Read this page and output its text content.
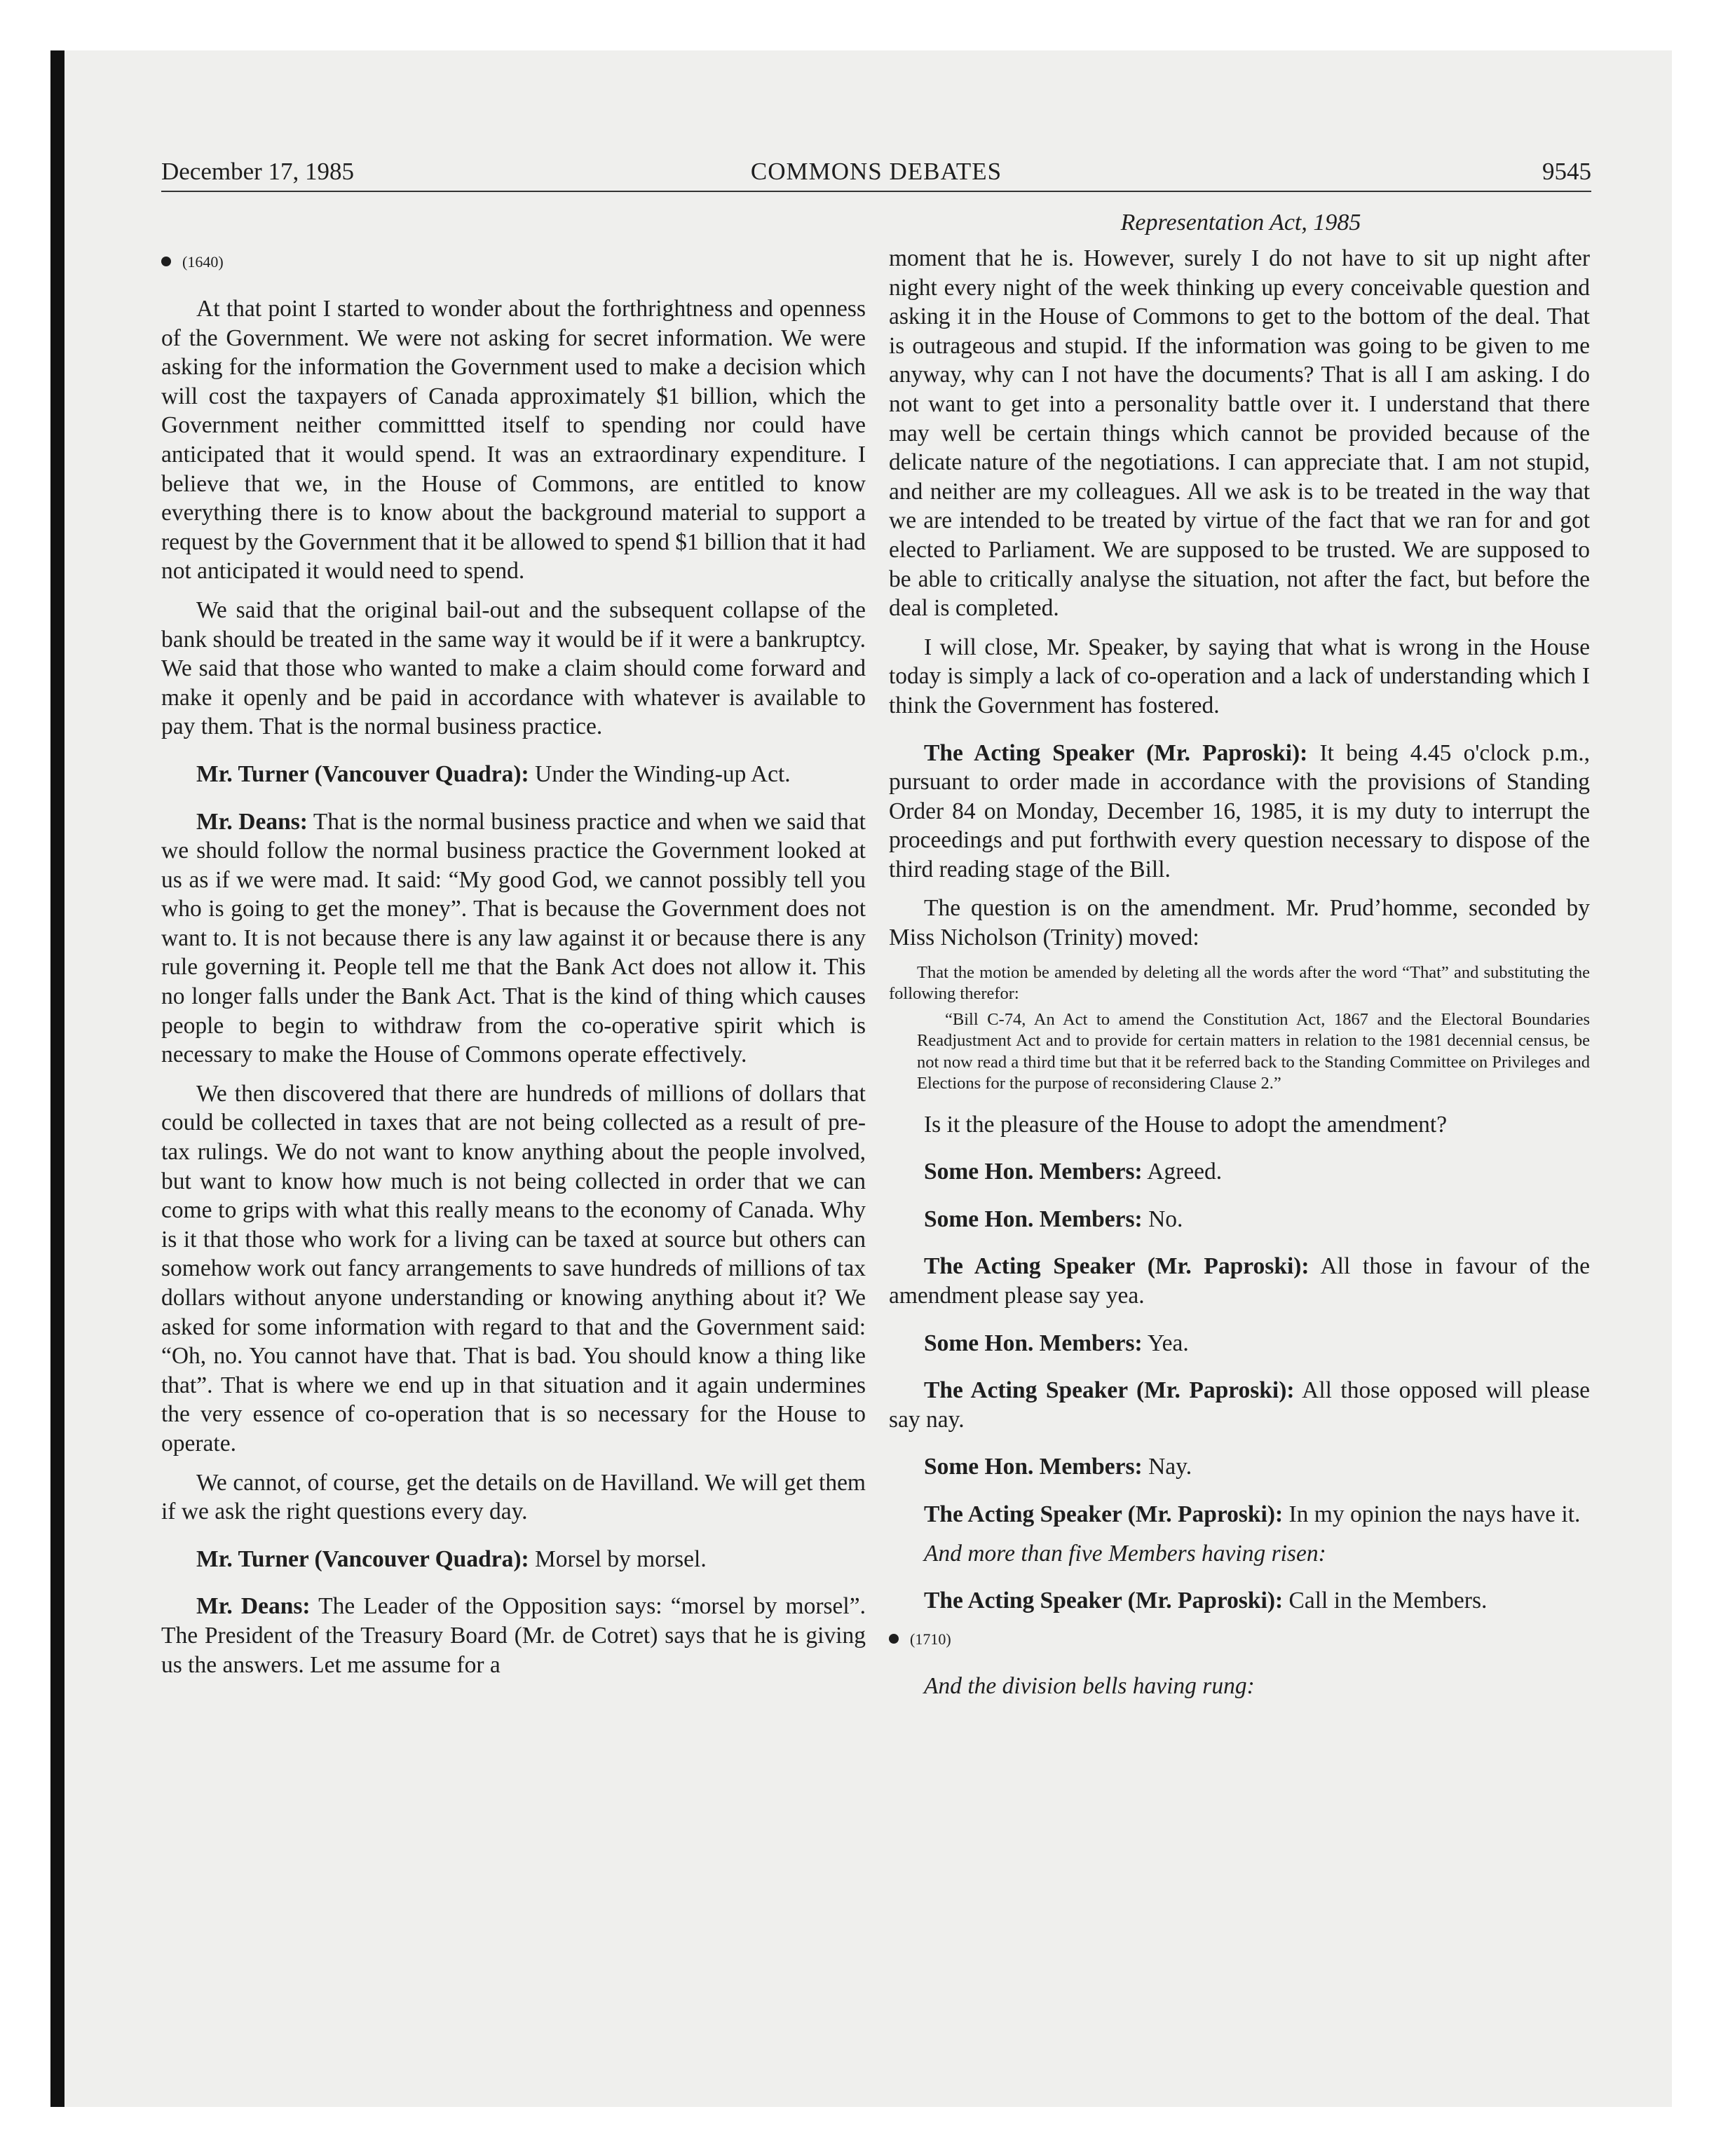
December 17, 1985	COMMONS DEBATES	9545
Representation Act, 1985
(1640)

At that point I started to wonder about the forthrightness and openness of the Government. We were not asking for secret information. We were asking for the information the Government used to make a decision which will cost the taxpayers of Canada approximately $1 billion, which the Government neither committted itself to spending nor could have anticipated that it would spend. It was an extraordinary expenditure. I believe that we, in the House of Commons, are entitled to know everything there is to know about the background material to support a request by the Government that it be allowed to spend $1 billion that it had not anticipated it would need to spend.

We said that the original bail-out and the subsequent collapse of the bank should be treated in the same way it would be if it were a bankruptcy. We said that those who wanted to make a claim should come forward and make it openly and be paid in accordance with whatever is available to pay them. That is the normal business practice.

Mr. Turner (Vancouver Quadra): Under the Winding-up Act.

Mr. Deans: That is the normal business practice and when we said that we should follow the normal business practice the Government looked at us as if we were mad. It said: “My good God, we cannot possibly tell you who is going to get the money”. That is because the Government does not want to. It is not because there is any law against it or because there is any rule governing it. People tell me that the Bank Act does not allow it. This no longer falls under the Bank Act. That is the kind of thing which causes people to begin to withdraw from the co-operative spirit which is necessary to make the House of Commons operate effectively.

We then discovered that there are hundreds of millions of dollars that could be collected in taxes that are not being collected as a result of pre-tax rulings. We do not want to know anything about the people involved, but want to know how much is not being collected in order that we can come to grips with what this really means to the economy of Canada. Why is it that those who work for a living can be taxed at source but others can somehow work out fancy arrangements to save hundreds of millions of tax dollars without anyone understanding or knowing anything about it? We asked for some information with regard to that and the Government said: “Oh, no. You cannot have that. That is bad. You should know a thing like that”. That is where we end up in that situation and it again undermines the very essence of co-operation that is so necessary for the House to operate.

We cannot, of course, get the details on de Havilland. We will get them if we ask the right questions every day.

Mr. Turner (Vancouver Quadra): Morsel by morsel.

Mr. Deans: The Leader of the Opposition says: “morsel by morsel”. The President of the Treasury Board (Mr. de Cotret) says that he is giving us the answers. Let me assume for a

moment that he is. However, surely I do not have to sit up night after night every night of the week thinking up every conceivable question and asking it in the House of Commons to get to the bottom of the deal. That is outrageous and stupid. If the information was going to be given to me anyway, why can I not have the documents? That is all I am asking. I do not want to get into a personality battle over it. I understand that there may well be certain things which cannot be provided because of the delicate nature of the negotiations. I can appreciate that. I am not stupid, and neither are my colleagues. All we ask is to be treated in the way that we are intended to be treated by virtue of the fact that we ran for and got elected to Parliament. We are supposed to be trusted. We are supposed to be able to critically analyse the situation, not after the fact, but before the deal is completed.

I will close, Mr. Speaker, by saying that what is wrong in the House today is simply a lack of co-operation and a lack of understanding which I think the Government has fostered.

The Acting Speaker (Mr. Paproski): It being 4.45 o'clock p.m., pursuant to order made in accordance with the provisions of Standing Order 84 on Monday, December 16, 1985, it is my duty to interrupt the proceedings and put forthwith every question necessary to dispose of the third reading stage of the Bill.

The question is on the amendment. Mr. Prud’homme, seconded by Miss Nicholson (Trinity) moved:

That the motion be amended by deleting all the words after the word “That” and substituting the following therefor:

“Bill C-74, An Act to amend the Constitution Act, 1867 and the Electoral Boundaries Readjustment Act and to provide for certain matters in relation to the 1981 decennial census, be not now read a third time but that it be referred back to the Standing Committee on Privileges and Elections for the purpose of reconsidering Clause 2.”

Is it the pleasure of the House to adopt the amendment?

Some Hon. Members: Agreed.

Some Hon. Members: No.

The Acting Speaker (Mr. Paproski): All those in favour of the amendment please say yea.

Some Hon. Members: Yea.

The Acting Speaker (Mr. Paproski): All those opposed will please say nay.

Some Hon. Members: Nay.

The Acting Speaker (Mr. Paproski): In my opinion the nays have it.

And more than five Members having risen:

The Acting Speaker (Mr. Paproski): Call in the Members.

(1710)

And the division bells having rung:
